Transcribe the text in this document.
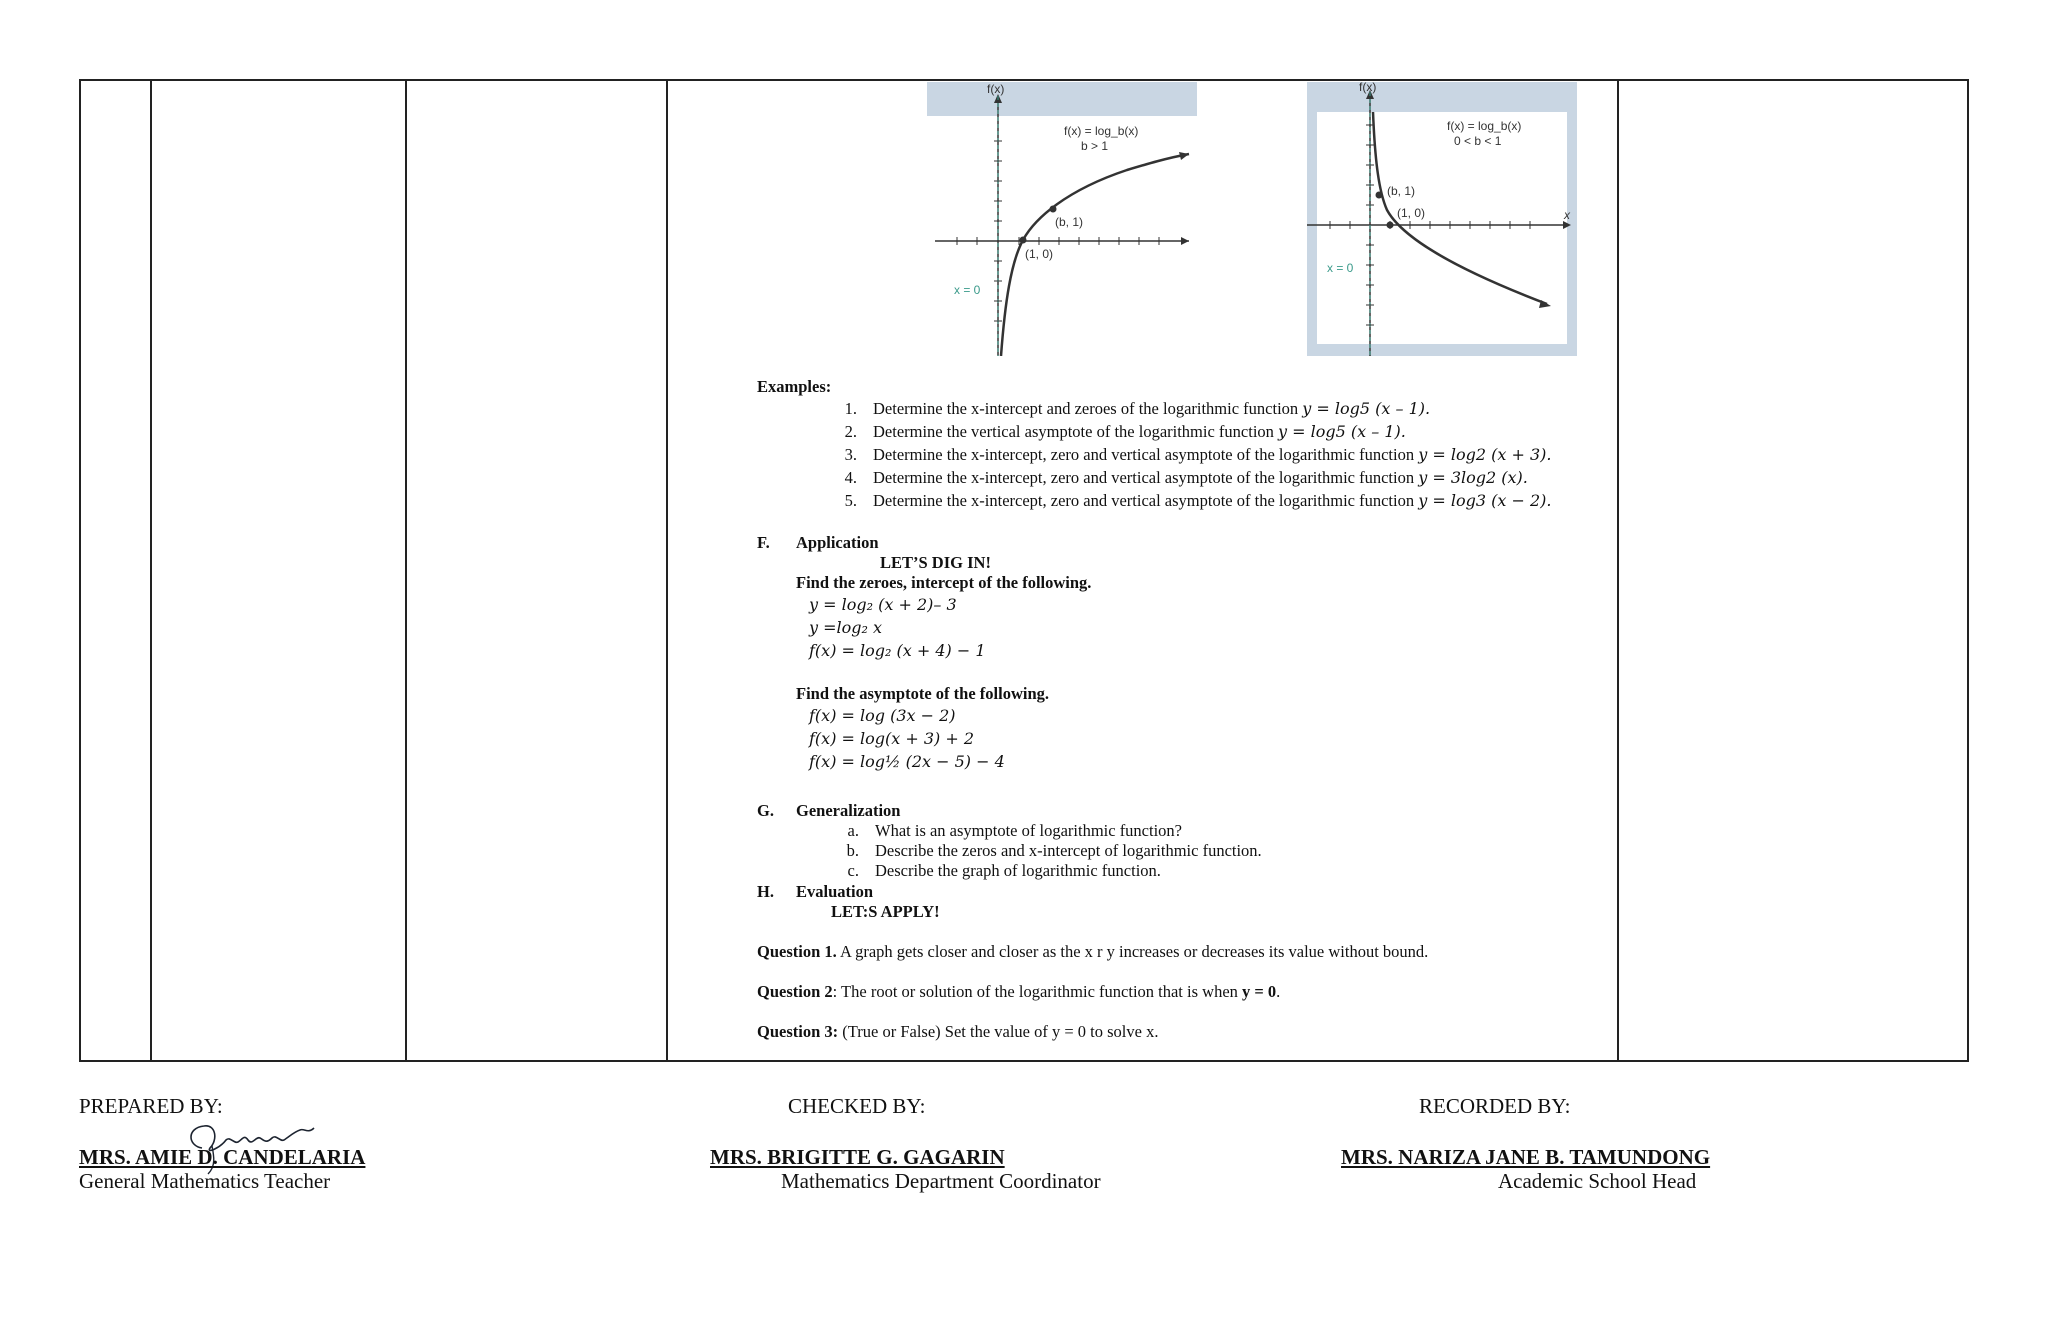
f(x)
f(x) = log_b(x)
b > 1
(b, 1)
(1, 0)
x = 0
f(x)
x
f(x) = log_b(x)
0 < b < 1
(b, 1)
(1, 0)
x = 0
Examples:
1. Determine the x-intercept and zeroes of the logarithmic function y = log5 (x – 1).
2. Determine the vertical asymptote of the logarithmic function y = log5 (x – 1).
3. Determine the x-intercept, zero and vertical asymptote of the logarithmic function y = log2 (x + 3).
4. Determine the x-intercept, zero and vertical asymptote of the logarithmic function y = 3log2 (x).
5. Determine the x-intercept, zero and vertical asymptote of the logarithmic function y = log3 (x − 2).
F. Application
LET’S DIG IN!
Find the zeroes, intercept of the following.
y = log₂ (x + 2)– 3
y =log₂ x
f(x) = log₂ (x + 4) − 1
Find the asymptote of the following.
f(x) = log (3x − 2)
f(x) = log(x + 3) + 2
f(x) = log½ (2x − 5) − 4
G. Generalization
a. What is an asymptote of logarithmic function?
b. Describe the zeros and x-intercept of logarithmic function.
c. Describe the graph of logarithmic function.
H. Evaluation
LET:S APPLY!
Question 1. A graph gets closer and closer as the x r y increases or decreases its value without bound.
Question 2: The root or solution of the logarithmic function that is when y = 0.
Question 3: (True or False) Set the value of y = 0 to solve x.
PREPARED BY:	CHECKED BY:	RECORDED BY:
MRS. AMIE D. CANDELARIA
General Mathematics Teacher
MRS. BRIGITTE G. GAGARIN
Mathematics Department Coordinator
MRS. NARIZA JANE B. TAMUNDONG
Academic School Head
